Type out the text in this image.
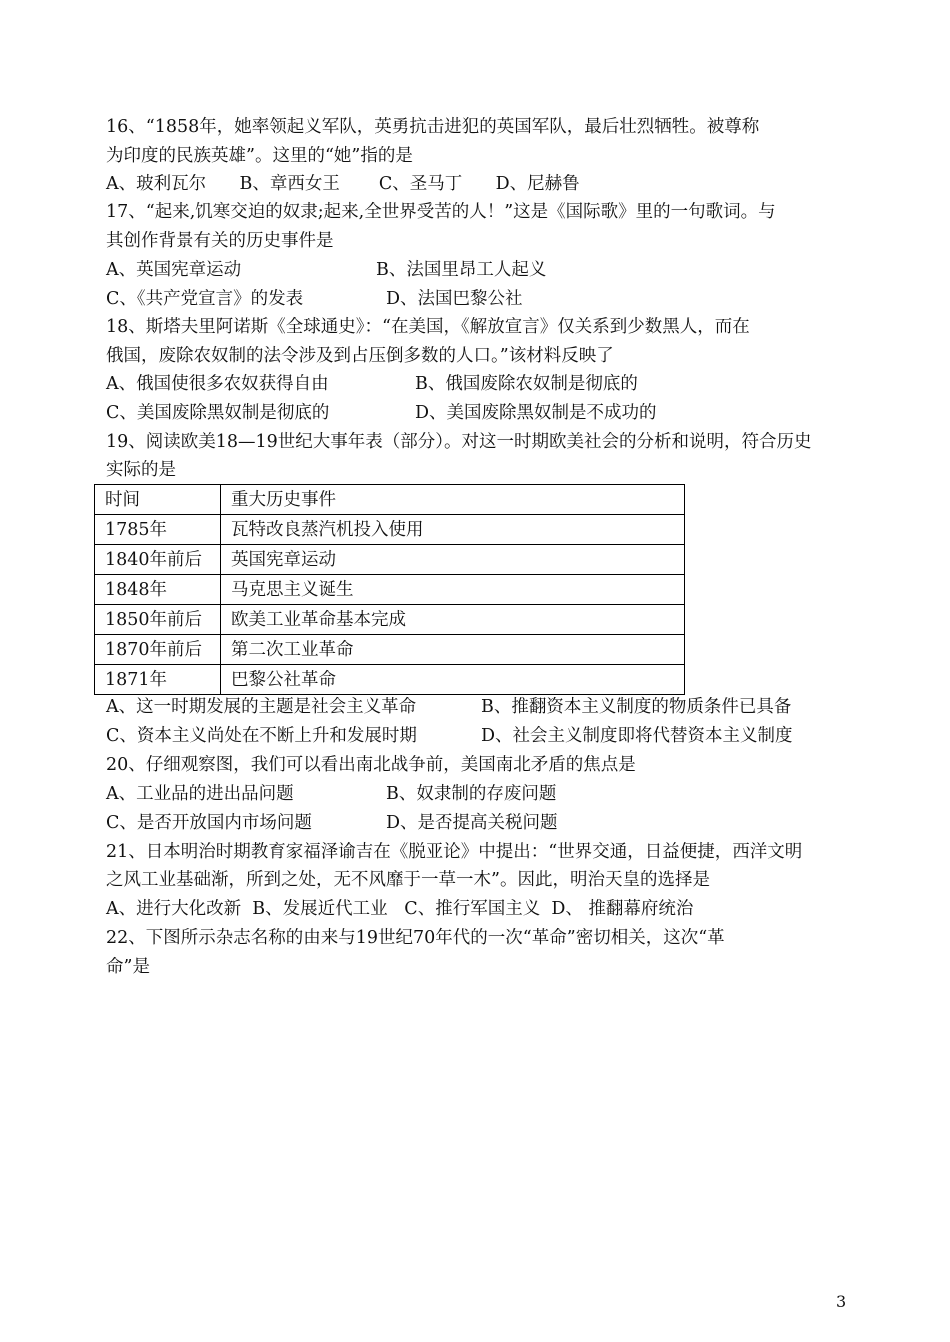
16、“1858年，她率领起义军队，英勇抗击进犯的英国军队，最后壮烈牺牲。被尊称
为印度的民族英雄”。这里的“她”指的是
A、玻利瓦尔      B、章西女王       C、圣马丁      D、尼赫鲁
17、“起来,饥寒交迫的奴隶;起来,全世界受苦的人！”这是《国际歌》里的一句歌词。与
其创作背景有关的历史事件是
A、英国宪章运动	B、法国里昂工人起义
C、《共产党宣言》的发表	D、法国巴黎公社
18、斯塔夫里阿诺斯《全球通史》：“在美国，《解放宣言》仅关系到少数黑人，而在
俄国，废除农奴制的法令涉及到占压倒多数的人口。”该材料反映了
A、俄国使很多农奴获得自由	B、俄国废除农奴制是彻底的
C、美国废除黑奴制是彻底的	D、美国废除黑奴制是不成功的
19、阅读欧美18—19世纪大事年表（部分）。对这一时期欧美社会的分析和说明，符合历史
实际的是
时间	重大历史事件
1785年	瓦特改良蒸汽机投入使用
1840年前后	英国宪章运动
1848年	马克思主义诞生
1850年前后	欧美工业革命基本完成
1870年前后	第二次工业革命
1871年	巴黎公社革命
A、这一时期发展的主题是社会主义革命	B、推翻资本主义制度的物质条件已具备
C、资本主义尚处在不断上升和发展时期	D、社会主义制度即将代替资本主义制度
20、仔细观察图，我们可以看出南北战争前，美国南北矛盾的焦点是
A、工业品的进出品问题	B、奴隶制的存废问题
C、是否开放国内市场问题	D、是否提高关税问题
21、日本明治时期教育家福泽谕吉在《脱亚论》中提出：“世界交通，日益便捷，西洋文明
之风工业基础渐，所到之处，无不风靡于一草一木”。因此，明治天皇的选择是
A、进行大化改新  B、发展近代工业   C、推行军国主义  D、 推翻幕府统治
22、下图所示杂志名称的由来与19世纪70年代的一次“革命”密切相关，这次“革
命”是
3
